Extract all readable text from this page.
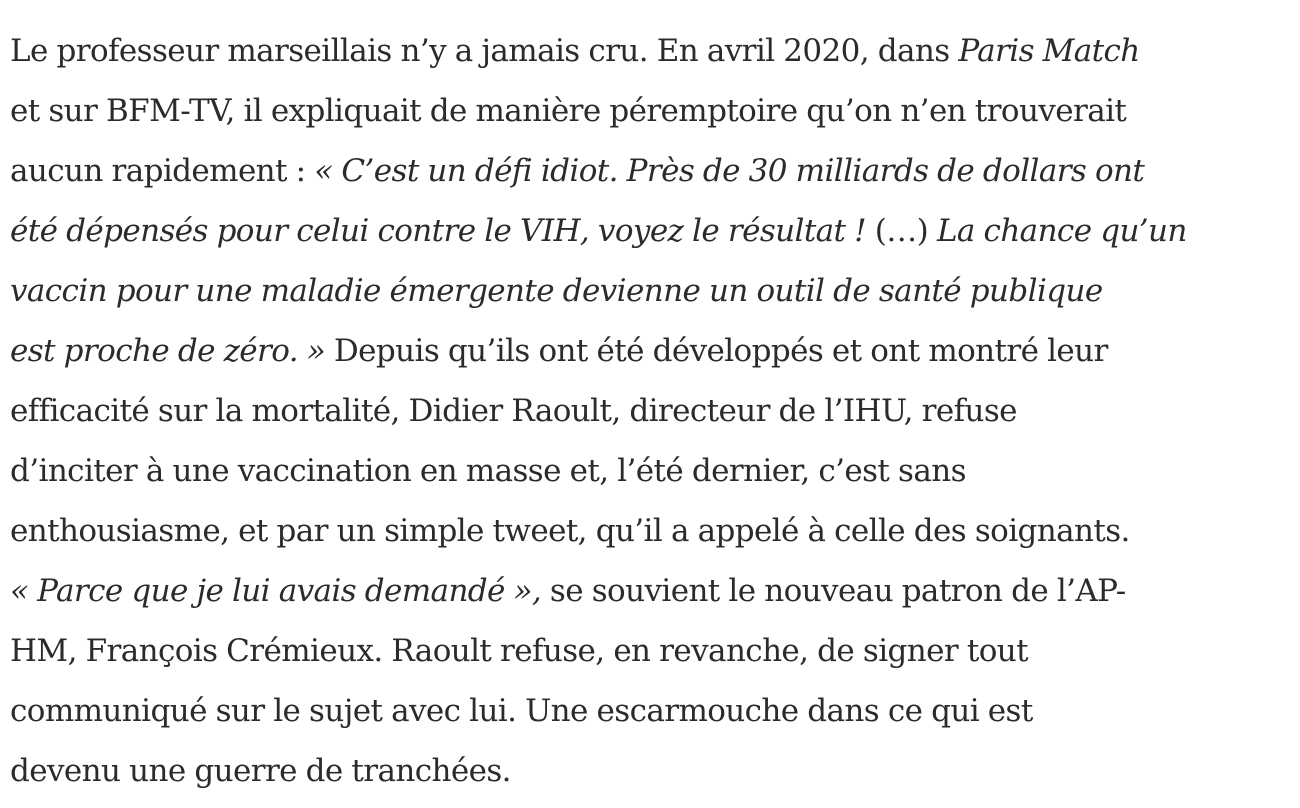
Le professeur marseillais n’y a jamais cru. En avril 2020, dans Paris Match
et sur BFM-TV, il expliquait de manière péremptoire qu’on n’en trouverait
aucun rapidement : « C’est un défi idiot. Près de 30 milliards de dollars ont
été dépensés pour celui contre le VIH, voyez le résultat ! (…) La chance qu’un
vaccin pour une maladie émergente devienne un outil de santé publique
est proche de zéro. » Depuis qu’ils ont été développés et ont montré leur
efficacité sur la mortalité, Didier Raoult, directeur de l’IHU, refuse
d’inciter à une vaccination en masse et, l’été dernier, c’est sans
enthousiasme, et par un simple tweet, qu’il a appelé à celle des soignants.
« Parce que je lui avais demandé », se souvient le nouveau patron de l’AP-
HM, François Crémieux. Raoult refuse, en revanche, de signer tout
communiqué sur le sujet avec lui. Une escarmouche dans ce qui est
devenu une guerre de tranchées.
